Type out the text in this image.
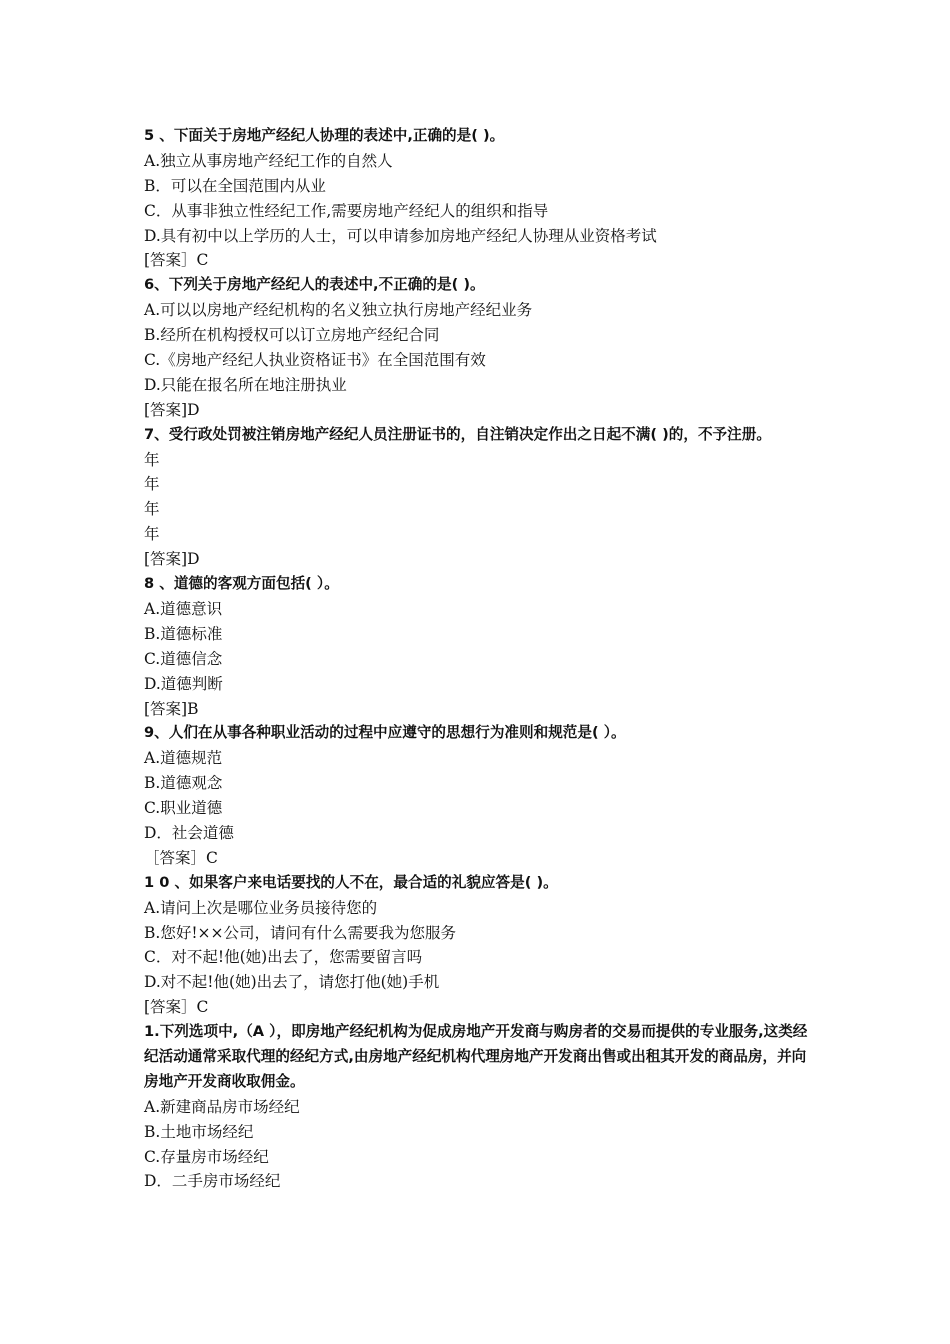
5 、下面关于房地产经纪人协理的表述中,正确的是( )。
A.独立从事房地产经纪工作的自然人
B．可以在全国范围内从业
C．从事非独立性经纪工作,需要房地产经纪人的组织和指导
D.具有初中以上学历的人士，可以申请参加房地产经纪人协理从业资格考试
[答案］C
6、下列关于房地产经纪人的表述中,不正确的是( )。
A.可以以房地产经纪机构的名义独立执行房地产经纪业务
B.经所在机构授权可以订立房地产经纪合同
C.《房地产经纪人执业资格证书》在全国范围有效
D.只能在报名所在地注册执业
[答案]D
7、受行政处罚被注销房地产经纪人员注册证书的，自注销决定作出之日起不满( )的，不予注册。
年
年
年
年
[答案]D
8 、道德的客观方面包括( ）。
A.道德意识
B.道德标准
C.道德信念
D.道德判断
[答案]B
9、人们在从事各种职业活动的过程中应遵守的思想行为准则和规范是( ）。
A.道德规范
B.道德观念
C.职业道德
D．社会道德
［答案］C
1 0 、如果客户来电话要找的人不在，最合适的礼貌应答是( )。
A.请问上次是哪位业务员接待您的
B.您好!××公司，请问有什么需要我为您服务
C．对不起!他(她)出去了，您需要留言吗
D.对不起!他(她)出去了，请您打他(她)手机
[答案］C
1.下列选项中,（A ），即房地产经纪机构为促成房地产开发商与购房者的交易而提供的专业服务,这类经纪活动通常采取代理的经纪方式,由房地产经纪机构代理房地产开发商出售或出租其开发的商品房，并向房地产开发商收取佣金。
A.新建商品房市场经纪
B.土地市场经纪
C.存量房市场经纪
D．二手房市场经纪
